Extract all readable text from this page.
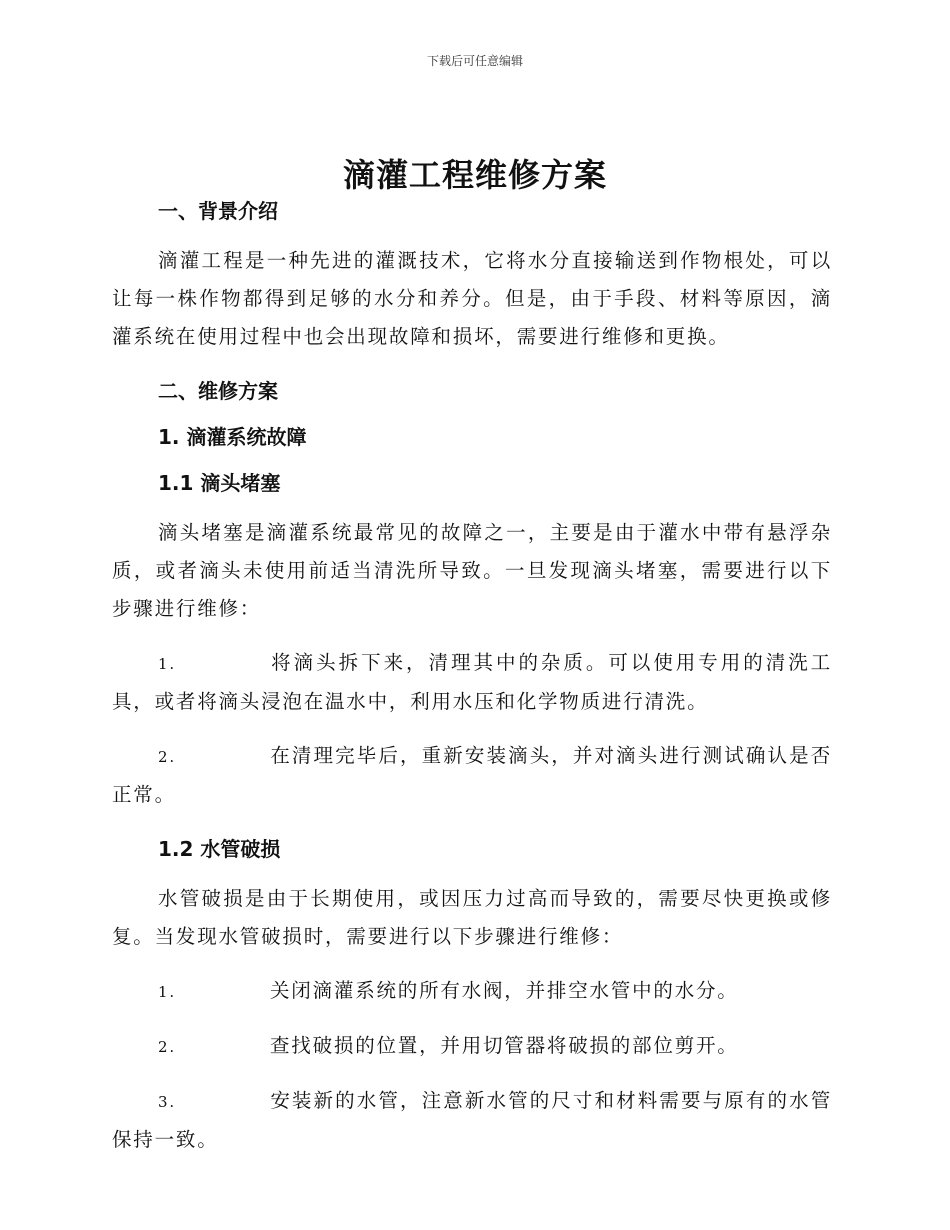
下载后可任意编辑
滴灌工程维修方案
一、背景介绍

滴灌工程是一种先进的灌溉技术，它将水分直接输送到作物根处，可以让每一株作物都得到足够的水分和养分。但是，由于手段、材料等原因，滴灌系统在使用过程中也会出现故障和损坏，需要进行维修和更换。

二、维修方案
1. 滴灌系统故障
1.1 滴头堵塞

滴头堵塞是滴灌系统最常见的故障之一，主要是由于灌水中带有悬浮杂质，或者滴头未使用前适当清洗所导致。一旦发现滴头堵塞，需要进行以下步骤进行维修：

1.	将滴头拆下来，清理其中的杂质。可以使用专用的清洗工具，或者将滴头浸泡在温水中，利用水压和化学物质进行清洗。

2.	在清理完毕后，重新安装滴头，并对滴头进行测试确认是否正常。

1.2 水管破损

水管破损是由于长期使用，或因压力过高而导致的，需要尽快更换或修复。当发现水管破损时，需要进行以下步骤进行维修：

1.	关闭滴灌系统的所有水阀，并排空水管中的水分。

2.	查找破损的位置，并用切管器将破损的部位剪开。

3.	安装新的水管，注意新水管的尺寸和材料需要与原有的水管保持一致。
